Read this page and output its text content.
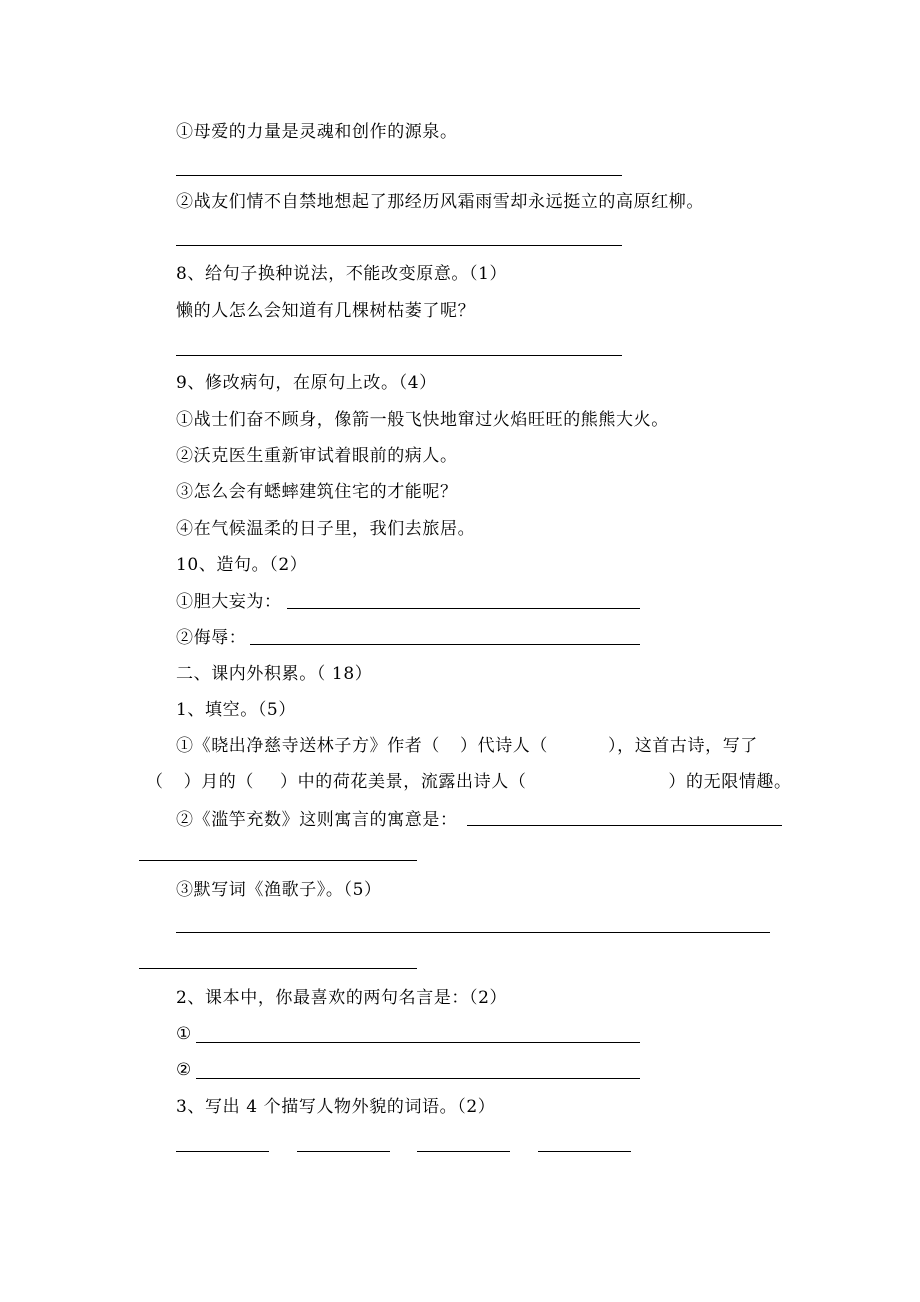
①母爱的力量是灵魂和创作的源泉。
②战友们情不自禁地想起了那经历风霜雨雪却永远挺立的高原红柳。
8、给句子换种说法，不能改变原意。（1）
懒的人怎么会知道有几棵树枯萎了呢？
9、修改病句，在原句上改。（4）
①战士们奋不顾身，像箭一般飞快地窜过火焰旺旺的熊熊大火。
②沃克医生重新审试着眼前的病人。
③怎么会有蟋蟀建筑住宅的才能呢？
④在气候温柔的日子里，我们去旅居。
10、造句。（2）
①胆大妄为：
②侮辱：
二、课内外积累。（ 18）
1、填空。（5）
①《晓出净慈寺送林子方》作者（ ）代诗人（	），这首古诗，写了
（ ）月的（ ）中的荷花美景，流露出诗人（	）的无限情趣。
②《滥竽充数》这则寓言的寓意是：
③默写词《渔歌子》。（5）
2、课本中，你最喜欢的两句名言是：（2）
①
②
3、写出 4 个描写人物外貌的词语。（2）
